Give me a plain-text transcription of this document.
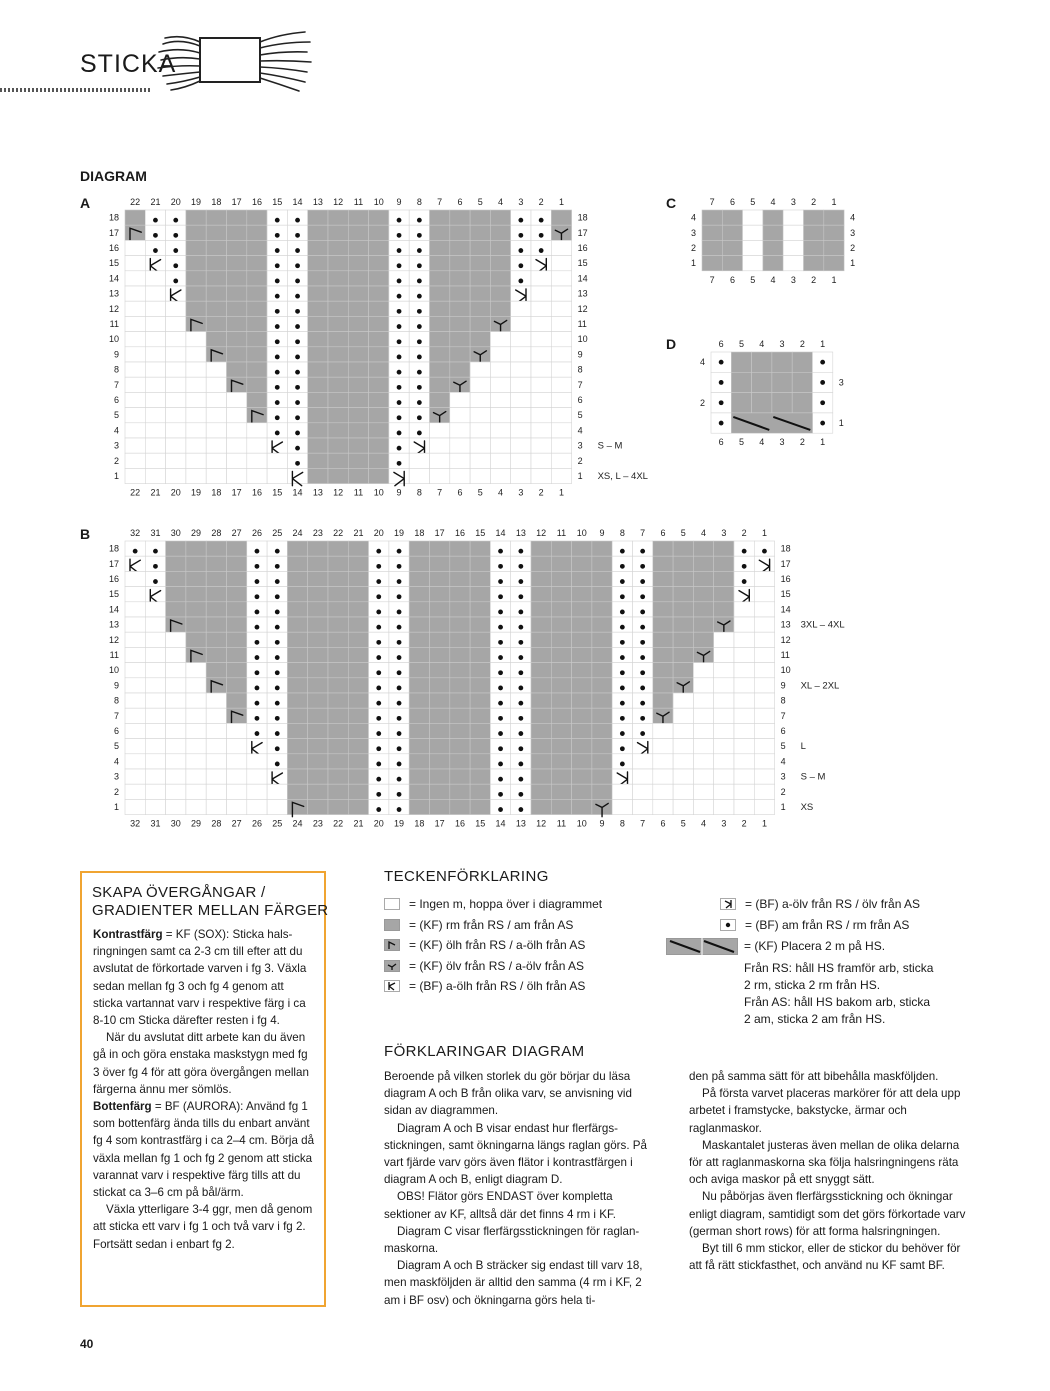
STICKA
DIAGRAM
A	C
D
B
22
22
21
21
20
20
19
19
18
18
17
17
16
16
15
15
14
14
13
13
12
12
11
11
10
10
9
9
8
8
7
7
6
6
5
5
4
4
3
3
2
2
1
1
18	18
17	17
16	16
15	15
14	14
13	13
12	12
11	11
10	10
9	9
8	8
7	7
6	6
5	5
4	4
3	3
2	2
1	1
S – M
XS, L – 4XL
32
32
31
31
30
30
29
29
28
28
27
27
26
26
25
25
24
24
23
23
22
22
21
21
20
20
19
19
18
18
17
17
16
16
15
15
14
14
13
13
12
12
11
11
10
10
9
9
8
8
7
7
6
6
5
5
4
4
3
3
2
2
1
1
18	18
17	17
16	16
15	15
14	14
13	13
12	12
11	11
10	10
9	9
8	8
7	7
6	6
5	5
4	4
3	3
2	2
1	1
3XL – 4XL
XL – 2XL
L
S – M
XS
7
7
6
6
5
5
4
4
3
3
2
2
1
1
4	4
3	3
2	2
1	1
6
6
5
5
4
4
3
3
2
2
1
1
4
3
2
1
SKAPA ÖVERGÅNGAR /
GRADIENTER MELLAN FÄRGER

Kontrastfärg = KF (SOX): Sticka halsringningen samt ca 2-3 cm till efter att du avslutat de förkortade varven i fg 3. Växla sedan mellan fg 3 och fg 4 genom att sticka vartannat varv i respektive färg i ca 8-10 cm Sticka därefter resten i fg 4.

När du avslutat ditt arbete kan du även gå in och göra enstaka maskstygn med fg 3 över fg 4 för att göra övergången mellan färgerna ännu mer sömlös.

Bottenfärg = BF (AURORA): Använd fg 1 som bottenfärg ända tills du enbart använt fg 4 som kontrastfärg i ca 2–4 cm. Börja då växla mellan fg 1 och fg 2 genom att sticka varannat varv i respektive färg tills att du stickat ca 3–6 cm på bål/ärm.

Växla ytterligare 3-4 ggr, men då genom att sticka ett varv i fg 1 och två varv i fg 2. Fortsätt sedan i enbart fg 2.

TECKENFÖRKLARING
= Ingen m, hoppa över i diagrammet
= (KF) rm från RS / am från AS
= (KF) ölh från RS / a-ölh från AS
= (KF) ölv från RS / a-ölv från AS
= (BF) a-ölh från RS / ölh från AS
= (BF) a-ölv från RS / ölv från AS
= (BF) am från RS / rm från AS
= (KF) Placera 2 m på HS.
Från RS: håll HS framför arb, sticka
2 rm, sticka 2 rm från HS.
Från AS: håll HS bakom arb, sticka
2 am, sticka 2 am från HS.
FÖRKLARINGAR DIAGRAM

Beroende på vilken storlek du gör börjar du läsa diagram A och B från olika varv, se anvisning vid sidan av diagrammen.

Diagram A och B visar endast hur flerfärgsstickningen, samt ökningarna längs raglan görs. På vart fjärde varv görs även flätor i kontrastfärgen i diagram A och B, enligt diagram D.

OBS! Flätor görs ENDAST över kompletta sektioner av KF, alltså där det finns 4 rm i KF.

Diagram C visar flerfärgsstickningen för raglanmaskorna.

Diagram A och B sträcker sig endast till varv 18, men maskföljden är alltid den samma (4 rm i KF, 2 am i BF osv) och ökningarna görs hela ti-

den på samma sätt för att bibehålla maskföljden.

På första varvet placeras markörer för att dela upp arbetet i framstycke, bakstycke, ärmar och raglanmaskor.

Maskantalet justeras även mellan de olika delarna för att raglanmaskorna ska följa halsringningens räta och aviga maskor på ett snyggt sätt.

Nu påbörjas även flerfärgsstickning och ökningar enligt diagram, samtidigt som det görs förkortade varv (german short rows) för att forma halsringningen.

Byt till 6 mm stickor, eller de stickor du behöver för att få rätt stickfasthet, och använd nu KF samt BF.

40
